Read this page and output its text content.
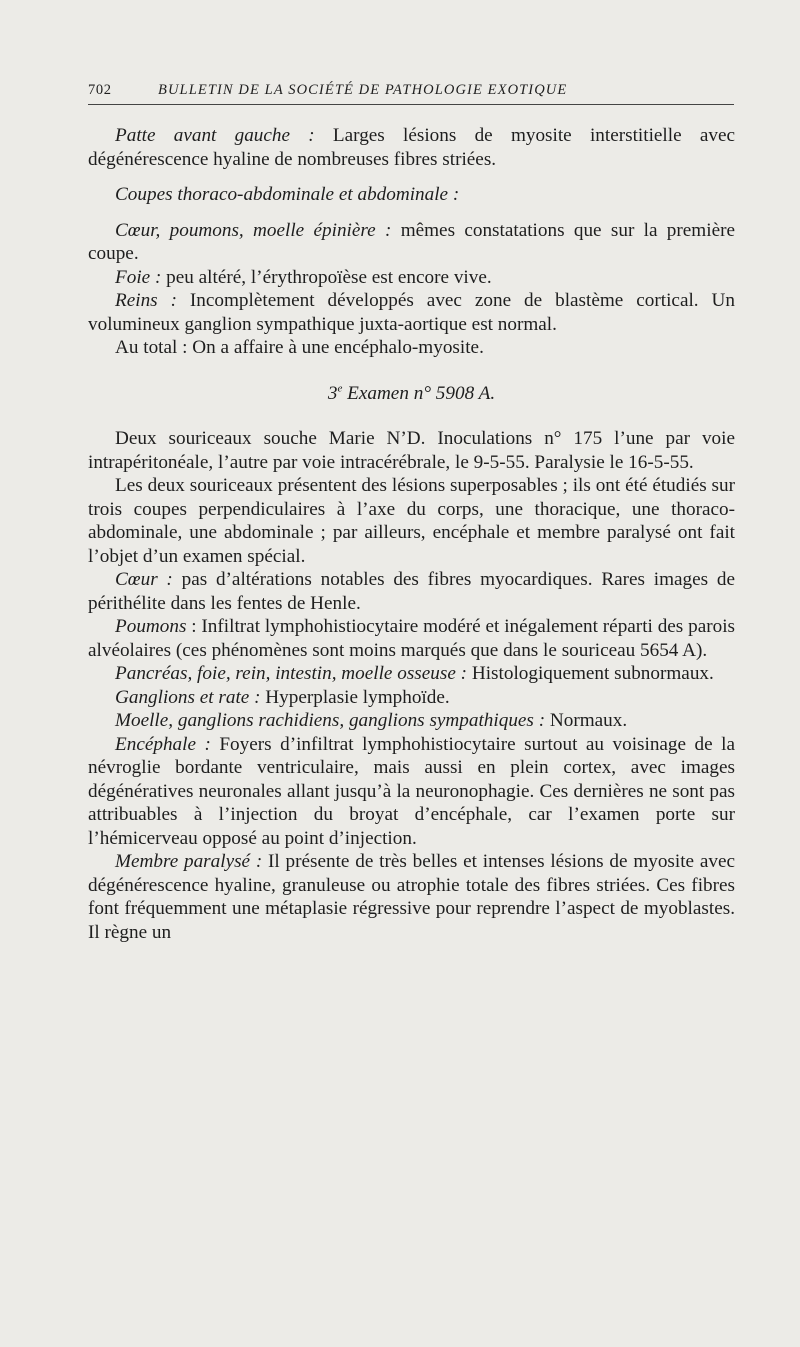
702	BULLETIN DE LA SOCIÉTÉ DE PATHOLOGIE EXOTIQUE

Patte avant gauche : Larges lésions de myosite interstitielle avec dégénérescence hyaline de nombreuses fibres striées.

Coupes thoraco-abdominale et abdominale :

Cœur, poumons, moelle épinière : mêmes constatations que sur la première coupe.

Foie : peu altéré, l’érythropoïèse est encore vive.

Reins : Incomplètement développés avec zone de blastème cortical. Un volumineux ganglion sympathique juxta-aortique est normal.

Au total : On a affaire à une encéphalo-myosite.

3e Examen n° 5908 A.

Deux souriceaux souche Marie N’D. Inoculations n° 175 l’une par voie intrapéritonéale, l’autre par voie intracérébrale, le 9-5-55. Paralysie le 16-5-55.

Les deux souriceaux présentent des lésions superposables ; ils ont été étudiés sur trois coupes perpendiculaires à l’axe du corps, une thoracique, une thoraco-abdominale, une abdominale ; par ailleurs, encéphale et membre paralysé ont fait l’objet d’un examen spécial.

Cœur : pas d’altérations notables des fibres myocardiques. Rares images de périthélite dans les fentes de Henle.

Poumons : Infiltrat lymphohistiocytaire modéré et inégalement réparti des parois alvéolaires (ces phénomènes sont moins marqués que dans le souriceau 5654 A).

Pancréas, foie, rein, intestin, moelle osseuse : Histologiquement subnormaux.

Ganglions et rate : Hyperplasie lymphoïde.

Moelle, ganglions rachidiens, ganglions sympathiques : Normaux.

Encéphale : Foyers d’infiltrat lymphohistiocytaire surtout au voisinage de la névroglie bordante ventriculaire, mais aussi en plein cortex, avec images dégénératives neuronales allant jusqu’à la neuronophagie. Ces dernières ne sont pas attribuables à l’injection du broyat d’encéphale, car l’examen porte sur l’hémicerveau opposé au point d’injection.

Membre paralysé : Il présente de très belles et intenses lésions de myosite avec dégénérescence hyaline, granuleuse ou atrophie totale des fibres striées. Ces fibres font fréquemment une métaplasie régressive pour reprendre l’aspect de myoblastes. Il règne un
